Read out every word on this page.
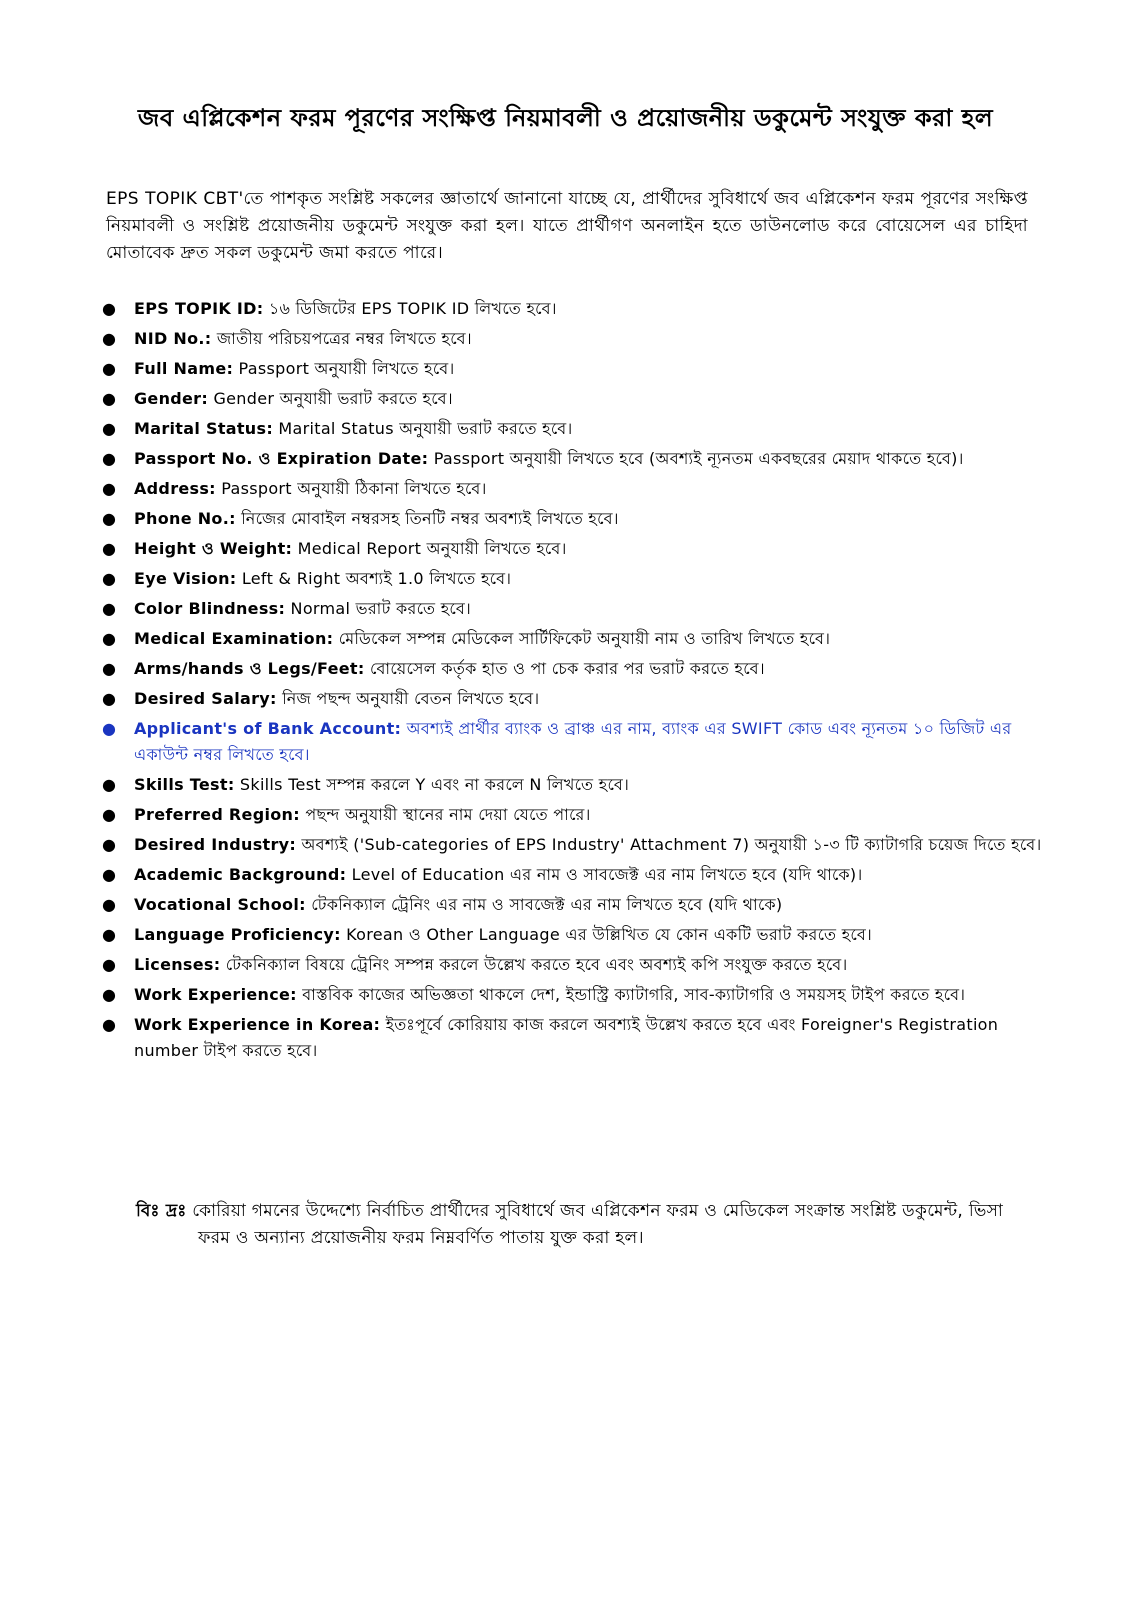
জব এপ্লিকেশন ফরম পূরণের সংক্ষিপ্ত নিয়মাবলী ও প্রয়োজনীয় ডকুমেন্ট সংযুক্ত করা হল

EPS TOPIK CBT'তে পাশকৃত সংশ্লিষ্ট সকলের জ্ঞাতার্থে জানানো যাচ্ছে যে, প্রার্থীদের সুবিধার্থে জব এপ্লিকেশন ফরম পূরণের সংক্ষিপ্ত নিয়মাবলী ও সংশ্লিষ্ট প্রয়োজনীয় ডকুমেন্ট সংযুক্ত করা হল। যাতে প্রার্থীগণ অনলাইন হতে ডাউনলোড করে বোয়েসেল এর চাহিদা মোতাবেক দ্রুত সকল ডকুমেন্ট জমা করতে পারে।

● EPS TOPIK ID: ১৬ ডিজিটের EPS TOPIK ID লিখতে হবে।
● NID No.: জাতীয় পরিচয়পত্রের নম্বর লিখতে হবে।
● Full Name: Passport অনুযায়ী লিখতে হবে।
● Gender: Gender অনুযায়ী ভরাট করতে হবে।
● Marital Status: Marital Status অনুযায়ী ভরাট করতে হবে।
● Passport No. ও Expiration Date: Passport অনুযায়ী লিখতে হবে (অবশ্যই ন্যূনতম একবছরের মেয়াদ থাকতে হবে)।
● Address: Passport অনুযায়ী ঠিকানা লিখতে হবে।
● Phone No.: নিজের মোবাইল নম্বরসহ তিনটি নম্বর অবশ্যই লিখতে হবে।
● Height ও Weight: Medical Report অনুযায়ী লিখতে হবে।
● Eye Vision: Left & Right অবশ্যই 1.0 লিখতে হবে।
● Color Blindness: Normal ভরাট করতে হবে।
● Medical Examination: মেডিকেল সম্পন্ন মেডিকেল সার্টিফিকেট অনুযায়ী নাম ও তারিখ লিখতে হবে।
● Arms/hands ও Legs/Feet: বোয়েসেল কর্তৃক হাত ও পা চেক করার পর ভরাট করতে হবে।
● Desired Salary: নিজ পছন্দ অনুযায়ী বেতন লিখতে হবে।
● Applicant's of Bank Account: অবশ্যই প্রার্থীর ব্যাংক ও ব্রাঞ্চ এর নাম, ব্যাংক এর SWIFT কোড এবং ন্যূনতম ১০ ডিজিট এর একাউন্ট নম্বর লিখতে হবে।
● Skills Test: Skills Test সম্পন্ন করলে Y এবং না করলে N লিখতে হবে।
● Preferred Region: পছন্দ অনুযায়ী স্থানের নাম দেয়া যেতে পারে।
● Desired Industry: অবশ্যই ('Sub-categories of EPS Industry' Attachment 7) অনুযায়ী ১-৩ টি ক্যাটাগরি চয়েজ দিতে হবে।
● Academic Background: Level of Education এর নাম ও সাবজেক্ট এর নাম লিখতে হবে (যদি থাকে)।
● Vocational School: টেকনিক্যাল ট্রেনিং এর নাম ও সাবজেক্ট এর নাম লিখতে হবে (যদি থাকে)
● Language Proficiency: Korean ও Other Language এর উল্লিখিত যে কোন একটি ভরাট করতে হবে।
● Licenses: টেকনিক্যাল বিষয়ে ট্রেনিং সম্পন্ন করলে উল্লেখ করতে হবে এবং অবশ্যই কপি সংযুক্ত করতে হবে।
● Work Experience: বাস্তবিক কাজের অভিজ্ঞতা থাকলে দেশ, ইন্ডাস্ট্রি ক্যাটাগরি, সাব-ক্যাটাগরি ও সময়সহ টাইপ করতে হবে।
● Work Experience in Korea: ইতঃপূর্বে কোরিয়ায় কাজ করলে অবশ্যই উল্লেখ করতে হবে এবং Foreigner's Registration number টাইপ করতে হবে।

বিঃ দ্রঃ কোরিয়া গমনের উদ্দেশ্যে নির্বাচিত প্রার্থীদের সুবিধার্থে জব এপ্লিকেশন ফরম ও মেডিকেল সংক্রান্ত সংশ্লিষ্ট ডকুমেন্ট, ভিসা ফরম ও অন্যান্য প্রয়োজনীয় ফরম নিম্নবর্ণিত পাতায় যুক্ত করা হল।
